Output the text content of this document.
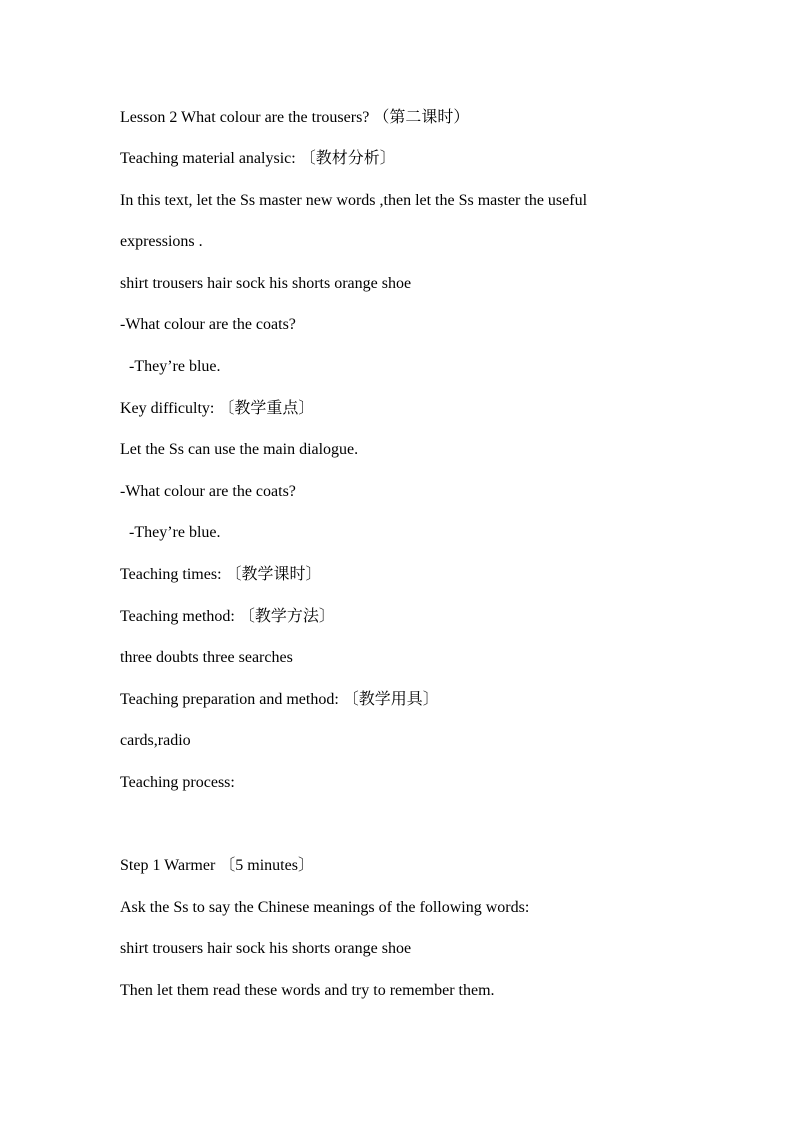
Lesson 2 What colour are the trousers? （第二课时）
Teaching material analysic: 〔教材分析〕
In this text, let the Ss master new words ,then let the Ss master the useful
expressions .
shirt trousers hair sock his shorts orange shoe
-What colour are the coats?
-They’re blue.
Key difficulty: 〔教学重点〕
Let the Ss can use the main dialogue.
-What colour are the coats?
-They’re blue.
Teaching times: 〔教学课时〕
Teaching method: 〔教学方法〕
three doubts three searches
Teaching preparation and method: 〔教学用具〕
cards,radio
Teaching process:
Step 1 Warmer 〔5 minutes〕
Ask the Ss to say the Chinese meanings of the following words:
shirt trousers hair sock his shorts orange shoe
Then let them read these words and try to remember them.
